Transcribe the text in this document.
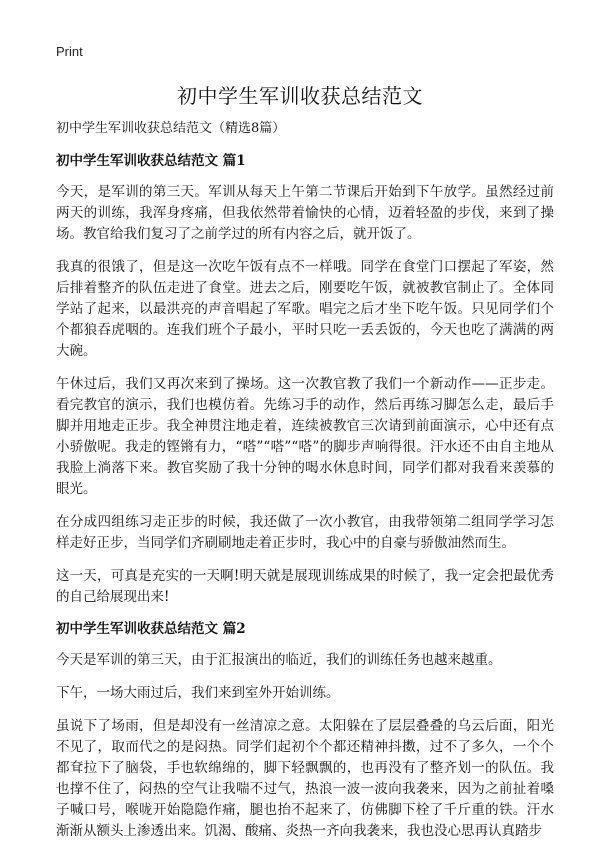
Print
初中学生军训收获总结范文

初中学生军训收获总结范文（精选8篇）

初中学生军训收获总结范文 篇1

今天，是军训的第三天。军训从每天上午第二节课后开始到下午放学。虽然经过前两天的训练，我浑身疼痛，但我依然带着愉快的心情，迈着轻盈的步伐，来到了操场。教官给我们复习了之前学过的所有内容之后，就开饭了。

我真的很饿了，但是这一次吃午饭有点不一样哦。同学在食堂门口摆起了军姿，然后排着整齐的队伍走进了食堂。进去之后，刚要吃午饭，就被教官制止了。全体同学站了起来，以最洪亮的声音唱起了军歌。唱完之后才坐下吃午饭。只见同学们个个都狼吞虎咽的。连我们班个子最小，平时只吃一丢丢饭的，今天也吃了满满的两大碗。

午休过后，我们又再次来到了操场。这一次教官教了我们一个新动作——正步走。看完教官的演示，我们也模仿着。先练习手的动作，然后再练习脚怎么走，最后手脚并用地走正步。我全神贯注地走着，连续被教官三次请到前面演示，心中还有点小骄傲呢。我走的铿锵有力，“嗒”“嗒”“嗒”的脚步声响得很。汗水还不由自主地从我脸上淌落下来。教官奖励了我十分钟的喝水休息时间，同学们都对我看来羡慕的眼光。

在分成四组练习走正步的时候，我还做了一次小教官，由我带领第二组同学学习怎样走好正步，当同学们齐刷刷地走着正步时，我心中的自豪与骄傲油然而生。

这一天，可真是充实的一天啊!明天就是展现训练成果的时候了，我一定会把最优秀的自己给展现出来!

初中学生军训收获总结范文 篇2

今天是军训的第三天，由于汇报演出的临近，我们的训练任务也越来越重。

下午，一场大雨过后，我们来到室外开始训练。

虽说下了场雨，但是却没有一丝清凉之意。太阳躲在了层层叠叠的乌云后面，阳光不见了，取而代之的是闷热。同学们起初个个都还精神抖擞，过不了多久，一个个都耷拉下了脑袋，手也软绵绵的，脚下轻飘飘的，也再没有了整齐划一的队伍。我也撑不住了，闷热的空气让我喘不过气，热浪一波一波向我袭来，因为之前扯着嗓子喊口号，喉咙开始隐隐作痛，腿也抬不起来了，仿佛脚下栓了千斤重的铁。汗水渐渐从额头上渗透出来。饥渴、酸痛、炎热一齐向我袭来，我也没心思再认真踏步
